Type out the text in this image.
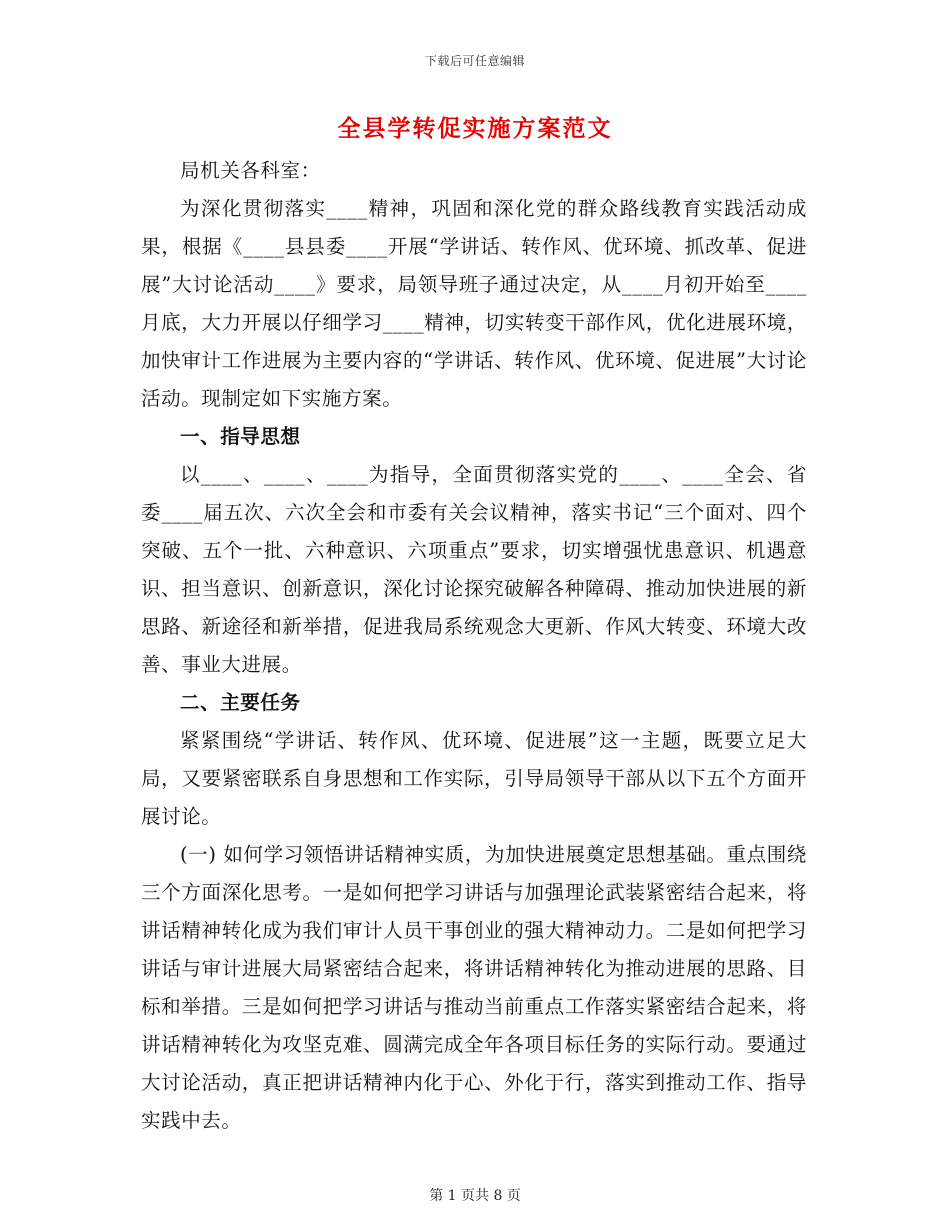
下载后可任意编辑
全县学转促实施方案范文

局机关各科室：

为深化贯彻落实____精神，巩固和深化党的群众路线教育实践活动成果，根据《____县县委____开展“学讲话、转作风、优环境、抓改革、促进展”大讨论活动____》要求，局领导班子通过决定，从____月初开始至____月底，大力开展以仔细学习____精神，切实转变干部作风，优化进展环境，加快审计工作进展为主要内容的“学讲话、转作风、优环境、促进展”大讨论活动。现制定如下实施方案。

一、指导思想

以____、____、____为指导，全面贯彻落实党的____、____全会、省委____届五次、六次全会和市委有关会议精神，落实书记“三个面对、四个突破、五个一批、六种意识、六项重点”要求，切实增强忧患意识、机遇意识、担当意识、创新意识，深化讨论探究破解各种障碍、推动加快进展的新思路、新途径和新举措，促进我局系统观念大更新、作风大转变、环境大改善、事业大进展。

二、主要任务

紧紧围绕“学讲话、转作风、优环境、促进展”这一主题，既要立足大局，又要紧密联系自身思想和工作实际，引导局领导干部从以下五个方面开展讨论。

(一) 如何学习领悟讲话精神实质，为加快进展奠定思想基础。重点围绕三个方面深化思考。一是如何把学习讲话与加强理论武装紧密结合起来，将讲话精神转化成为我们审计人员干事创业的强大精神动力。二是如何把学习讲话与审计进展大局紧密结合起来，将讲话精神转化为推动进展的思路、目标和举措。三是如何把学习讲话与推动当前重点工作落实紧密结合起来，将讲话精神转化为攻坚克难、圆满完成全年各项目标任务的实际行动。要通过大讨论活动，真正把讲话精神内化于心、外化于行，落实到推动工作、指导实践中去。

第 1 页共 8 页
